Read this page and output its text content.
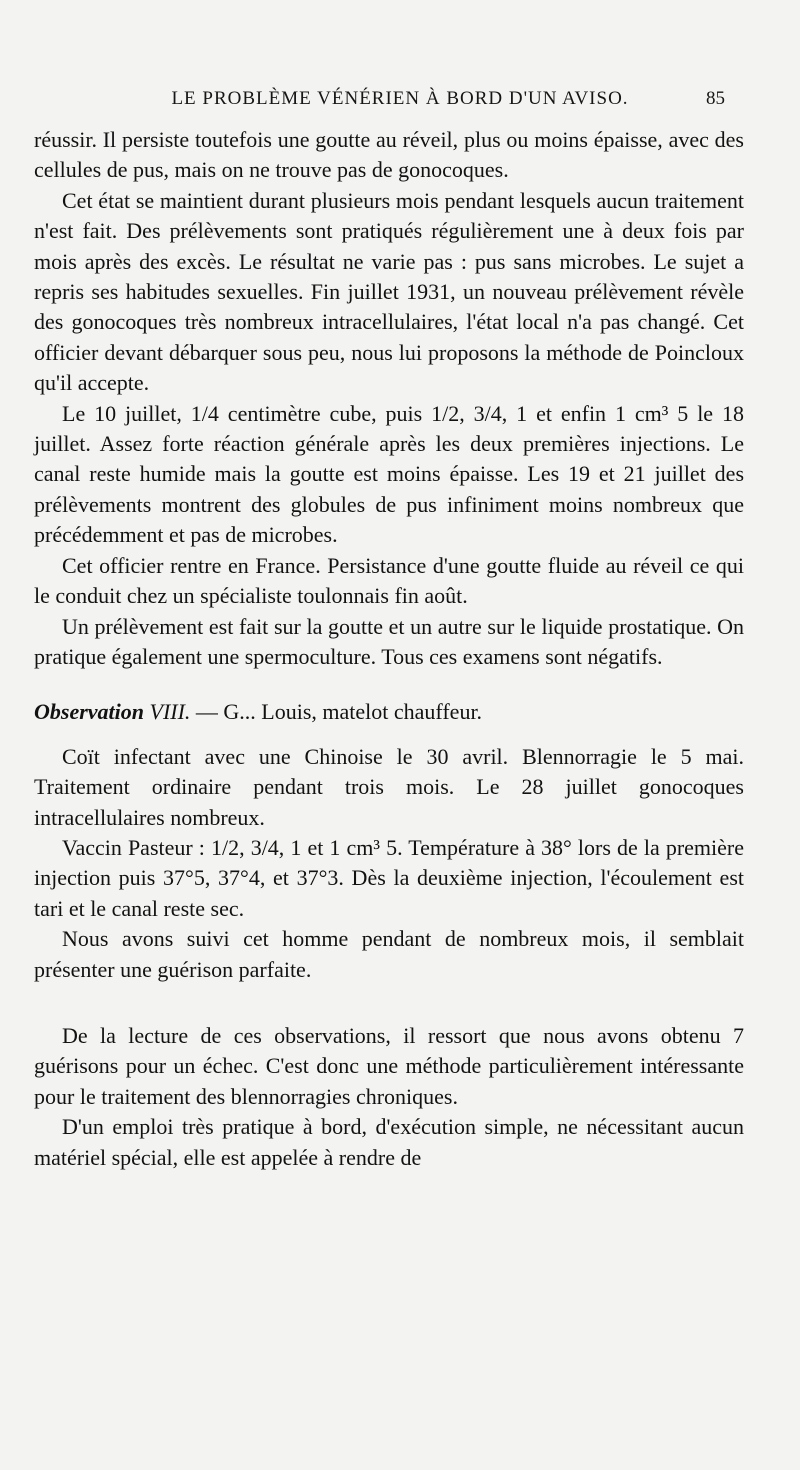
LE PROBLÈME VÉNÉRIEN À BORD D'UN AVISO.	85

réussir. Il persiste toutefois une goutte au réveil, plus ou moins épaisse, avec des cellules de pus, mais on ne trouve pas de gonocoques.

Cet état se maintient durant plusieurs mois pendant lesquels aucun traitement n'est fait. Des prélèvements sont pratiqués régulièrement une à deux fois par mois après des excès. Le résultat ne varie pas : pus sans microbes. Le sujet a repris ses habitudes sexuelles. Fin juillet 1931, un nouveau prélèvement révèle des gonocoques très nombreux intracellulaires, l'état local n'a pas changé. Cet officier devant débarquer sous peu, nous lui proposons la méthode de Poincloux qu'il accepte.

Le 10 juillet, 1/4 centimètre cube, puis 1/2, 3/4, 1 et enfin 1 cm³ 5 le 18 juillet. Assez forte réaction générale après les deux premières injections. Le canal reste humide mais la goutte est moins épaisse. Les 19 et 21 juillet des prélèvements montrent des globules de pus infiniment moins nombreux que précédemment et pas de microbes.

Cet officier rentre en France. Persistance d'une goutte fluide au réveil ce qui le conduit chez un spécialiste toulonnais fin août.

Un prélèvement est fait sur la goutte et un autre sur le liquide prostatique. On pratique également une spermoculture. Tous ces examens sont négatifs.

Observation VIII. — G... Louis, matelot chauffeur.

Coït infectant avec une Chinoise le 30 avril. Blennorragie le 5 mai. Traitement ordinaire pendant trois mois. Le 28 juillet gonocoques intracellulaires nombreux.

Vaccin Pasteur : 1/2, 3/4, 1 et 1 cm³ 5. Température à 38° lors de la première injection puis 37°5, 37°4, et 37°3. Dès la deuxième injection, l'écoulement est tari et le canal reste sec.

Nous avons suivi cet homme pendant de nombreux mois, il semblait présenter une guérison parfaite.

De la lecture de ces observations, il ressort que nous avons obtenu 7 guérisons pour un échec. C'est donc une méthode particulièrement intéressante pour le traitement des blennorragies chroniques.

D'un emploi très pratique à bord, d'exécution simple, ne nécessitant aucun matériel spécial, elle est appelée à rendre de
